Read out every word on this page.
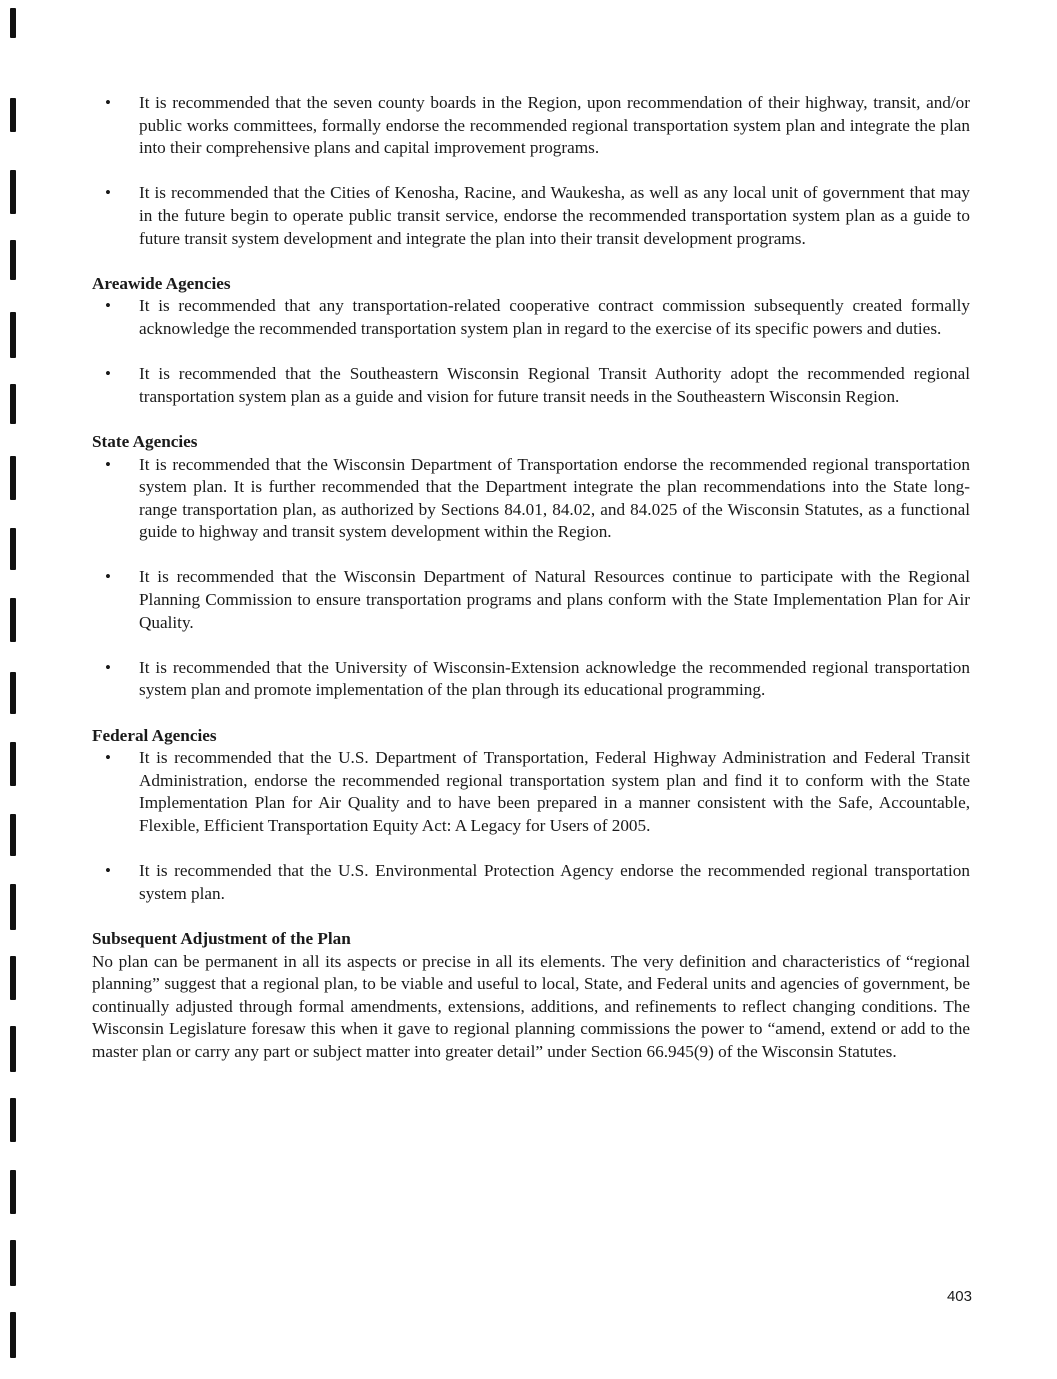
• It is recommended that the seven county boards in the Region, upon recommendation of their highway, transit, and/or public works committees, formally endorse the recommended regional transportation system plan and integrate the plan into their comprehensive plans and capital improvement programs.
• It is recommended that the Cities of Kenosha, Racine, and Waukesha, as well as any local unit of government that may in the future begin to operate public transit service, endorse the recommended transportation system plan as a guide to future transit system development and integrate the plan into their transit development programs.
Areawide Agencies
• It is recommended that any transportation-related cooperative contract commission subsequently created formally acknowledge the recommended transportation system plan in regard to the exercise of its specific powers and duties.
• It is recommended that the Southeastern Wisconsin Regional Transit Authority adopt the recommended regional transportation system plan as a guide and vision for future transit needs in the Southeastern Wisconsin Region.
State Agencies
• It is recommended that the Wisconsin Department of Transportation endorse the recommended regional transportation system plan. It is further recommended that the Department integrate the plan recommendations into the State long-range transportation plan, as authorized by Sections 84.01, 84.02, and 84.025 of the Wisconsin Statutes, as a functional guide to highway and transit system development within the Region.
• It is recommended that the Wisconsin Department of Natural Resources continue to participate with the Regional Planning Commission to ensure transportation programs and plans conform with the State Implementation Plan for Air Quality.
• It is recommended that the University of Wisconsin-Extension acknowledge the recommended regional transportation system plan and promote implementation of the plan through its educational programming.
Federal Agencies
• It is recommended that the U.S. Department of Transportation, Federal Highway Administration and Federal Transit Administration, endorse the recommended regional transportation system plan and find it to conform with the State Implementation Plan for Air Quality and to have been prepared in a manner consistent with the Safe, Accountable, Flexible, Efficient Transportation Equity Act: A Legacy for Users of 2005.
• It is recommended that the U.S. Environmental Protection Agency endorse the recommended regional transportation system plan.
Subsequent Adjustment of the Plan

No plan can be permanent in all its aspects or precise in all its elements. The very definition and characteristics of “regional planning” suggest that a regional plan, to be viable and useful to local, State, and Federal units and agencies of government, be continually adjusted through formal amendments, extensions, additions, and refinements to reflect changing conditions. The Wisconsin Legislature foresaw this when it gave to regional planning commissions the power to “amend, extend or add to the master plan or carry any part or subject matter into greater detail” under Section 66.945(9) of the Wisconsin Statutes.

403
